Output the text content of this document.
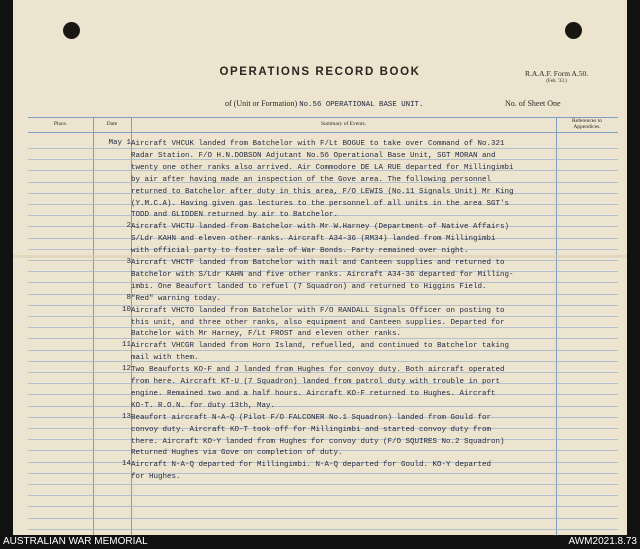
OPERATIONS RECORD BOOK	R.A.A.F. Form A.50.
(Feb. '33.)
of (Unit or Formation) No.56 OPERATIONAL BASE UNIT.	No. of Sheet One
Place.	Date	Summary of Events.	References to
Appendices.
May 1 Aircraft VHCUK landed from Batchelor with F/Lt BOGUE to take over Command of No.321
Radar Station. F/O H.N.DOBSON Adjutant No.56 Operational Base Unit, SGT MORAN and
twenty one other ranks also arrived. Air Commodore DE LA RUE departed for Millingimbi
by air after having made an inspection of the Gove area. The following personnel
returned to Batchelor after duty in this area, F/O LEWIS (No.11 Signals Unit) Mr King
(Y.M.C.A). Having given gas lectures to the personnel of all units in the area SGT's
TODD and GLIDDEN returned by air to Batchelor.
2 Aircraft VHCTU landed from Batchelor with Mr W.Harney (Department of Native Affairs)
S/Ldr KAHN and eleven other ranks. Aircraft A34-36 (RM34) landed from Millingimbi
with official party to foster sale of War Bonds. Party remained over night.
3 Aircraft VHCTF landed from Batchelor with mail and Canteen supplies and returned to
Batchelor with S/Ldr KAHN and five other ranks. Aircraft A34-36 departed for Milling-
imbi. One Beaufort landed to refuel (7 Squadron) and returned to Higgins Field.
8 "Red" warning today.
10 Aircraft VHCTO landed from Batchelor with F/O RANDALL Signals Officer on posting to
this unit, and three other ranks, also equipment and Canteen supplies. Departed for
Batchelor with Mr Harney, F/Lt FROST and eleven other ranks.
11 Aircraft VHCGR landed from Horn Island, refuelled, and continued to Batchelor taking
mail with them.
12 Two Beauforts KO-F and J landed from Hughes for convoy duty. Both aircraft operated
from here. Aircraft KT-U (7 Squadron) landed from patrol duty with trouble in port
engine. Remained two and a half hours. Aircraft KO-F returned to Hughes. Aircraft
KO-T. R.O.N. for duty 13th, May.
13 Beaufort aircraft N-A-Q (Pilot F/O FALCONER No.1 Squadron) landed from Gould for
convoy duty. Aircraft KO-T took off for Millingimbi and started convoy duty from
there. Aircraft KO-Y landed from Hughes for convoy duty (F/O SQUIRES No.2 Squadron)
Returned Hughes via Gove on completion of duty.
14 Aircraft N-A-Q departed for Millingimbi. N-A-Q departed for Gould. KO-Y departed
for Hughes.
AUSTRALIAN WAR MEMORIAL	AWM2021.8.73
